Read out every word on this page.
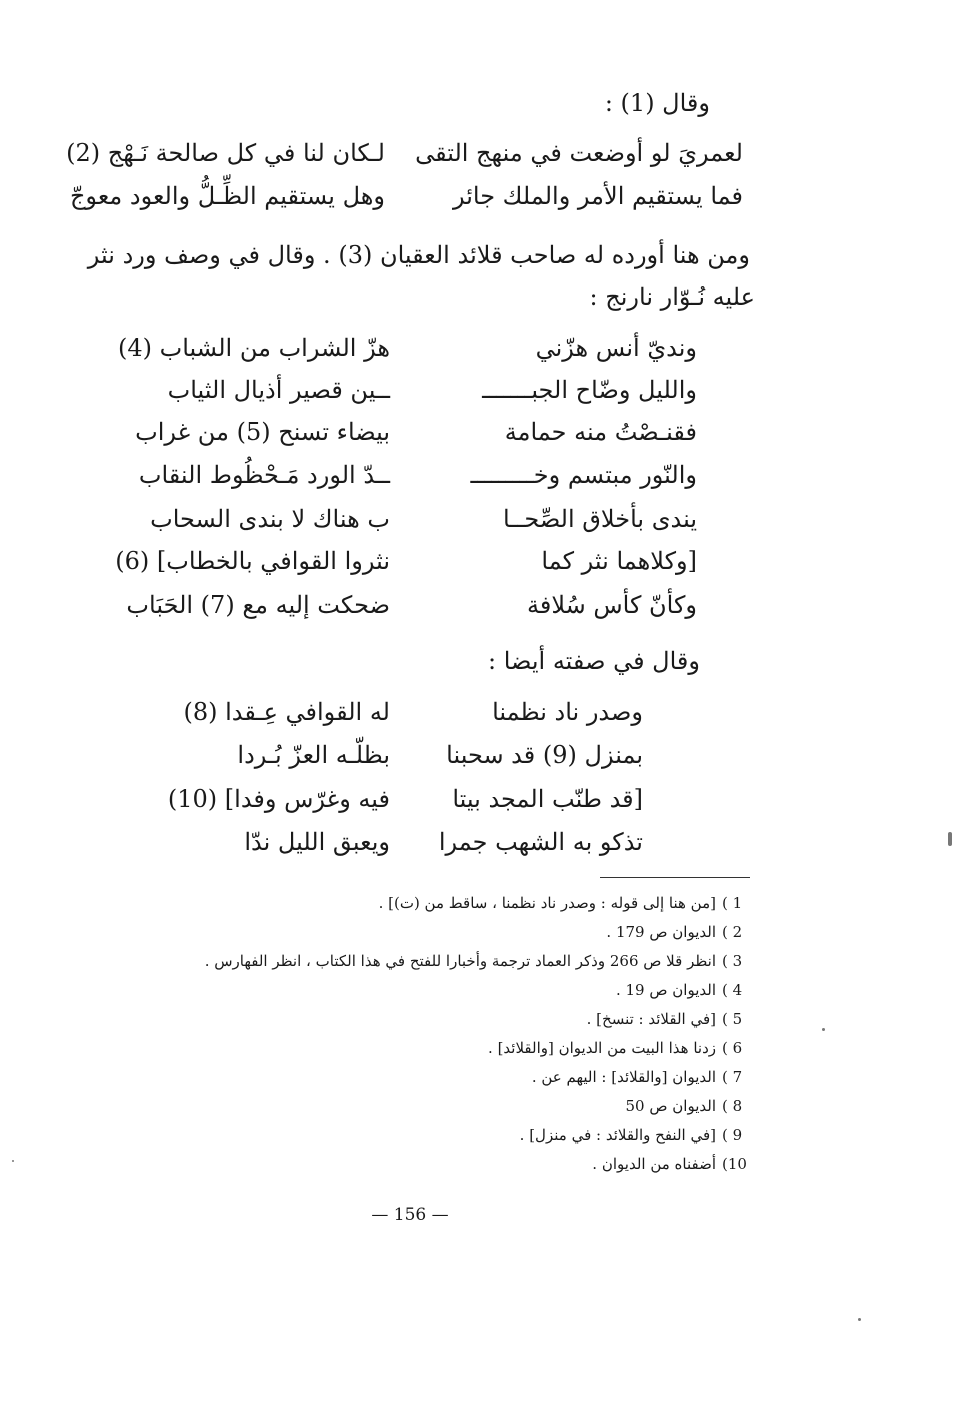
وقال (1) :
لعمريَ لو أوضعت في منهج التقى
لـكان لنا في كل صالحة نَـهْج (2)
فما يستقيم الأمر والملك جائر
وهل يستقيم الظِّـلُّ والعود معوجّ
ومن هنا أورده له صاحب قلائد العقيان (3) . وقال في وصف ورد نثر
عليه نُـوّار نارنج :
ونديّ أنس هزّني
هزّ الشراب من الشباب (4)
والليل وضّاح الجبـــــــ
ــين قصير أذيال الثياب
فقنـصْتُ منه حمامة
بيضاء تسنح (5) من غراب
والنّور مبتسم وخـــــــــ
ــدّ الورد مَـحْظُوط النقاب
يندى بأخلاق الصِّحــا
ب هناك لا بندى السحاب
[وكلاهما نثر كما
نثروا القوافي بالخطاب] (6)
وكأنّ كأس سُلافة
ضحكت إليه مع (7) الحَبَاب
وقال في صفته أيضا :
وصدر ناد نظمنا
له القوافي عِـقدا (8)
بمنزل (9) قد سحبنا
بظلّـه العزّ بُـردا
[قد طنّب المجد بيتا
فيه وغرّس وفدا] (10)
تذكو به الشهب جمرا
ويعبق الليل ندّا
1 )[من هنا إلى قوله : وصدر ناد نظمنا ، ساقط من (ت)] .
2 )الديوان ص 179 .
3 )انظر قلا ص 266 وذكر العماد ترجمة وأخبارا للفتح في هذا الكتاب ، انظر الفهارس .
4 )الديوان ص 19 .
5 )[في القلائد : تنسخ] .
6 )زدنا هذا البيت من الديوان [والقلائد] .
7 )الديوان [والقلائد] : اليهم عن .
8 )الديوان ص 50
9 )[في النفح والقلائد : في منزل] .
10)أضفناه من الديوان .
— 156 —
